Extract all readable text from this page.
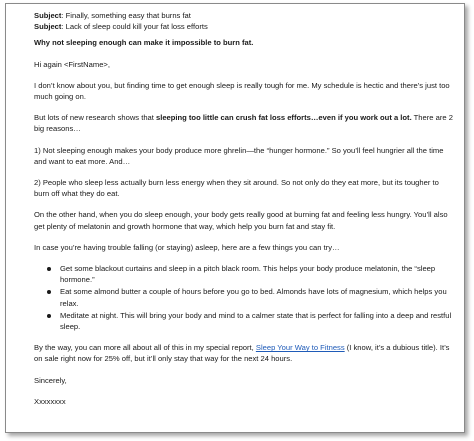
Subject: Finally, something easy that burns fat

Subject: Lack of sleep could kill your fat loss efforts

Why not sleeping enough can make it impossible to burn fat.

Hi again <FirstName>,

I don’t know about you, but finding time to get enough sleep is really tough for me. My schedule is hectic and there’s just too much going on.

But lots of new research shows that sleeping too little can crush fat loss efforts…even if you work out a lot. There are 2 big reasons…

1) Not sleeping enough makes your body produce more ghrelin—the “hunger hormone.” So you’ll feel hungrier all the time and want to eat more. And…

2) People who sleep less actually burn less energy when they sit around. So not only do they eat more, but its tougher to burn off what they do eat.

On the other hand, when you do sleep enough, your body gets really good at burning fat and feeling less hungry. You’ll also get plenty of melatonin and growth hormone that way, which help you burn fat and stay fit.

In case you’re having trouble falling (or staying) asleep, here are a few things you can try…

Get some blackout curtains and sleep in a pitch black room. This helps your body produce melatonin, the “sleep hormone.”
Eat some almond butter a couple of hours before you go to bed. Almonds have lots of magnesium, which helps you relax.
Meditate at night. This will bring your body and mind to a calmer state that is perfect for falling into a deep and restful sleep.

By the way, you can more all about all of this in my special report, Sleep Your Way to Fitness (I know, it’s a dubious title). It’s on sale right now for 25% off, but it’ll only stay that way for the next 24 hours.

Sincerely,

Xxxxxxxx
